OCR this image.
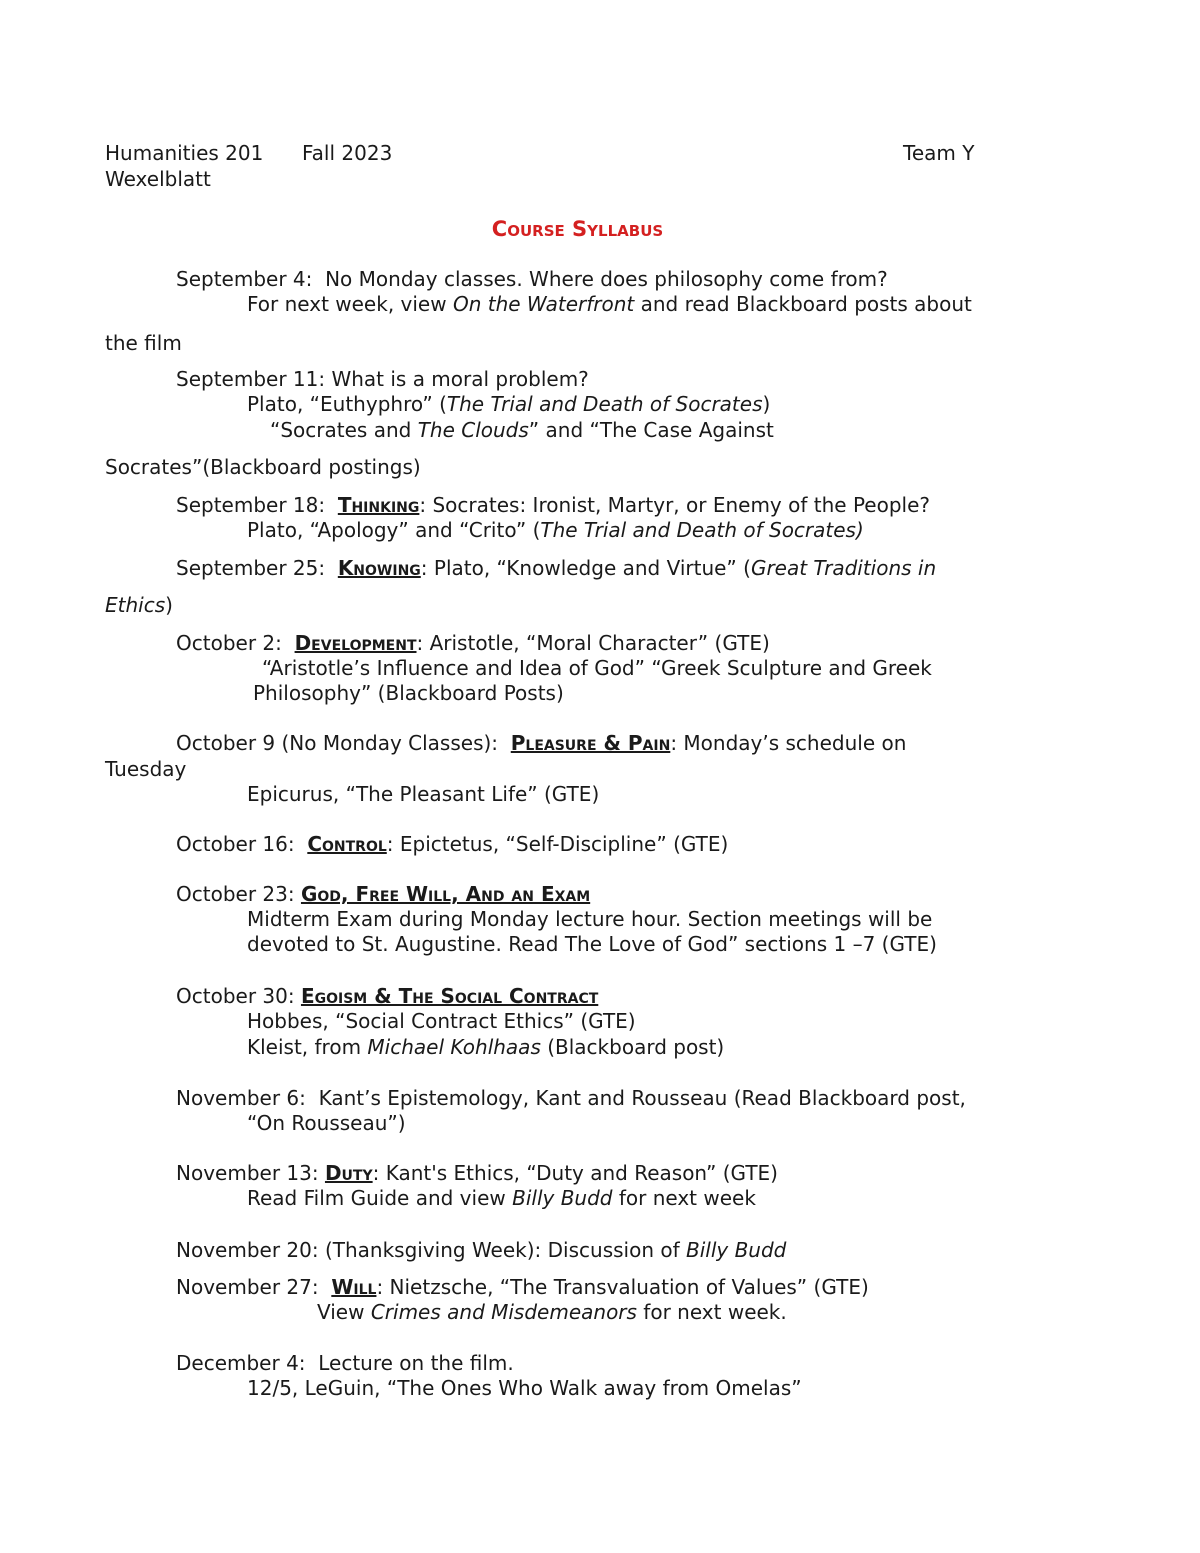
Humanities 201 Fall 2023	Team Y
Wexelblatt
Course Syllabus
September 4: No Monday classes. Where does philosophy come from?
For next week, view On the Waterfront and read Blackboard posts about
the film
September 11: What is a moral problem?
Plato, “Euthyphro” (The Trial and Death of Socrates)
“Socrates and The Clouds” and “The Case Against
Socrates”(Blackboard postings)
September 18: Thinking: Socrates: Ironist, Martyr, or Enemy of the People?
Plato, “Apology” and “Crito” (The Trial and Death of Socrates)
September 25: Knowing: Plato, “Knowledge and Virtue” (Great Traditions in
Ethics)
October 2: Development: Aristotle, “Moral Character” (GTE)
“Aristotle’s Influence and Idea of God” “Greek Sculpture and Greek
Philosophy” (Blackboard Posts)
October 9 (No Monday Classes): Pleasure & Pain: Monday’s schedule on
Tuesday
Epicurus, “The Pleasant Life” (GTE)
October 16: Control: Epictetus, “Self-Discipline” (GTE)
October 23: God, Free Will, And an Exam
Midterm Exam during Monday lecture hour. Section meetings will be
devoted to St. Augustine. Read The Love of God” sections 1 –7 (GTE)
October 30: Egoism & The Social Contract
Hobbes, “Social Contract Ethics” (GTE)
Kleist, from Michael Kohlhaas (Blackboard post)
November 6: Kant’s Epistemology, Kant and Rousseau (Read Blackboard post,
“On Rousseau”)
November 13: Duty: Kant's Ethics, “Duty and Reason” (GTE)
Read Film Guide and view Billy Budd for next week
November 20: (Thanksgiving Week): Discussion of Billy Budd
November 27: Will: Nietzsche, “The Transvaluation of Values” (GTE)
View Crimes and Misdemeanors for next week.
December 4: Lecture on the film.
12/5, LeGuin, “The Ones Who Walk away from Omelas”
